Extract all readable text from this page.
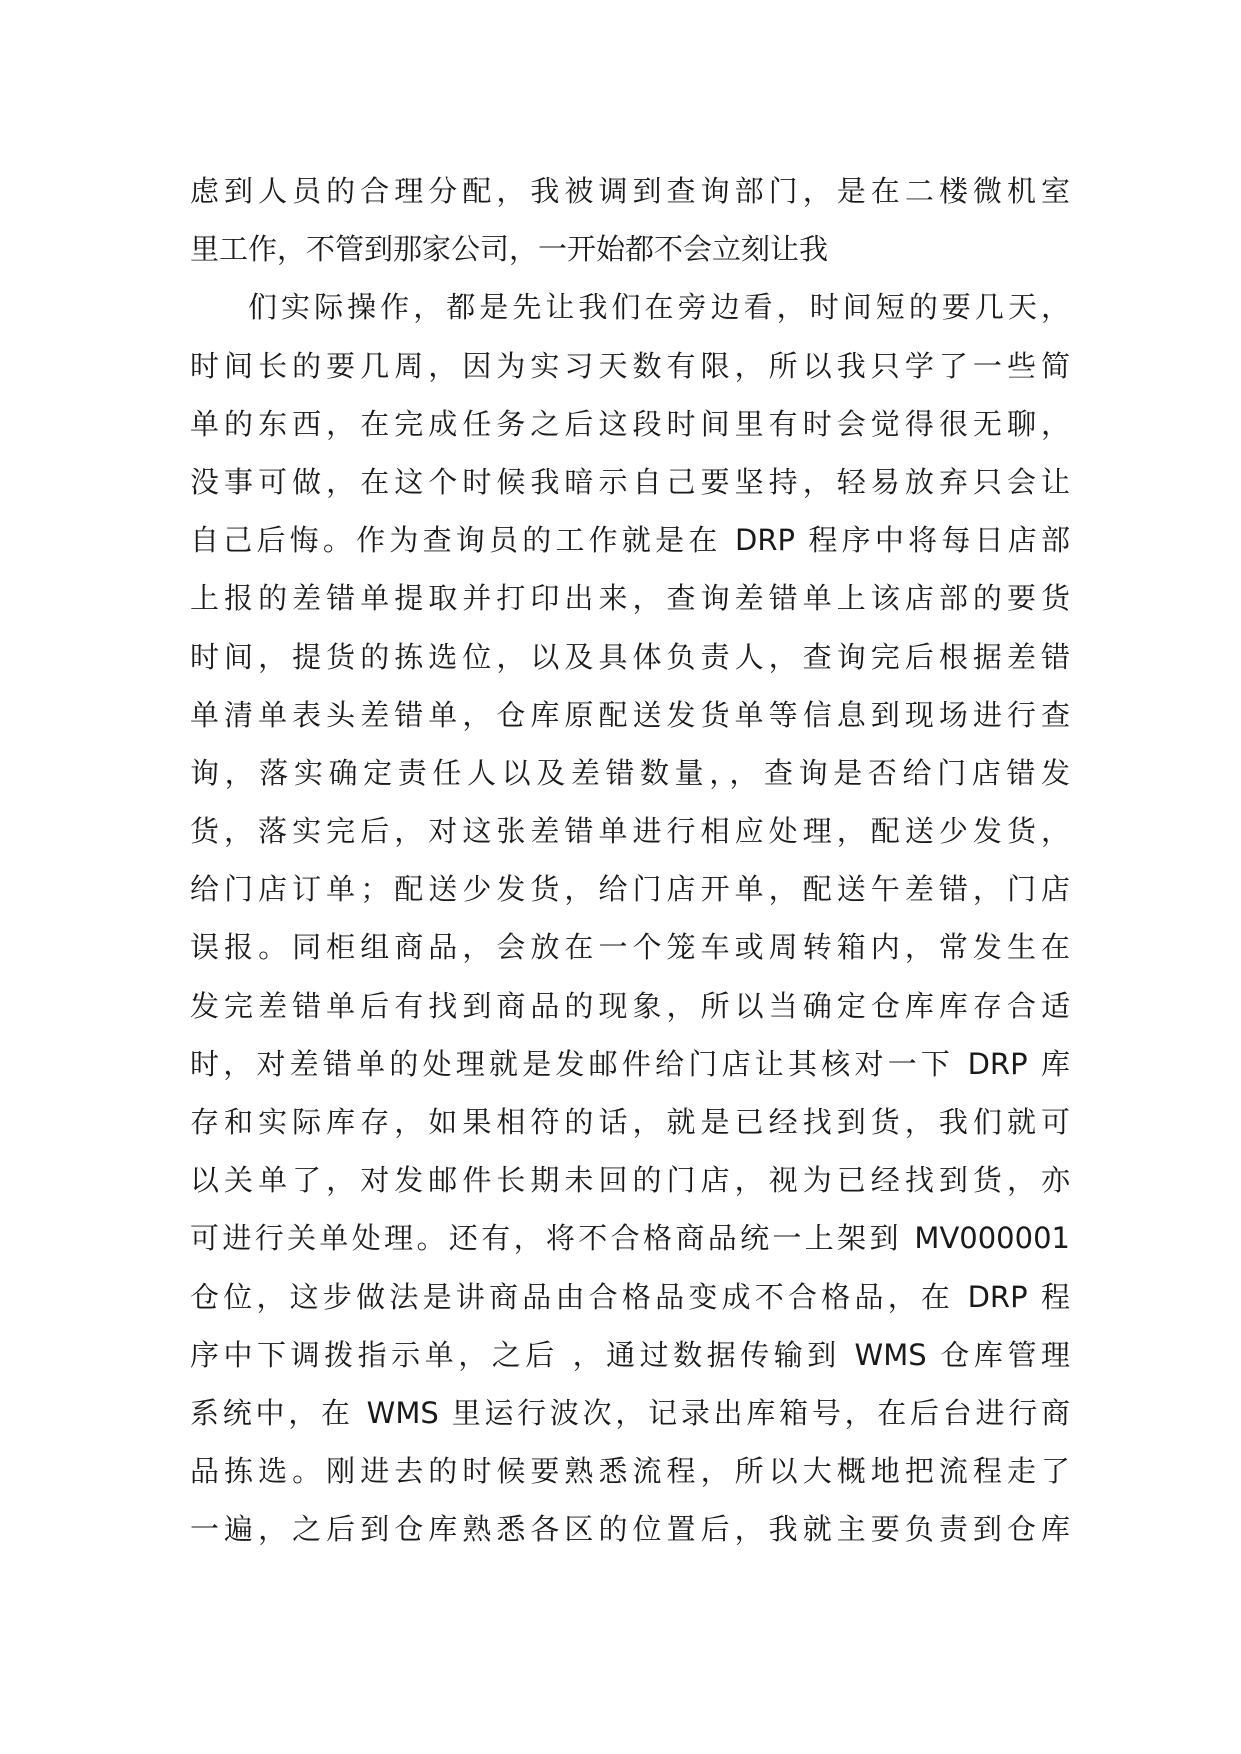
虑到人员的合理分配，我被调到查询部门，是在二楼微机室
里工作，不管到那家公司，一开始都不会立刻让我
们实际操作，都是先让我们在旁边看，时间短的要几天，
时间长的要几周，因为实习天数有限，所以我只学了一些简
单的东西，在完成任务之后这段时间里有时会觉得很无聊，
没事可做，在这个时候我暗示自己要坚持，轻易放弃只会让
自己后悔。作为查询员的工作就是在 DRP 程序中将每日店部
上报的差错单提取并打印出来，查询差错单上该店部的要货
时间，提货的拣选位，以及具体负责人，查询完后根据差错
单清单表头差错单，仓库原配送发货单等信息到现场进行查
询，落实确定责任人以及差错数量，，查询是否给门店错发
货，落实完后，对这张差错单进行相应处理，配送少发货，
给门店订单；配送少发货，给门店开单，配送午差错，门店
误报。同柜组商品，会放在一个笼车或周转箱内，常发生在
发完差错单后有找到商品的现象，所以当确定仓库库存合适
时，对差错单的处理就是发邮件给门店让其核对一下 DRP 库
存和实际库存，如果相符的话，就是已经找到货，我们就可
以关单了，对发邮件长期未回的门店，视为已经找到货，亦
可进行关单处理。还有，将不合格商品统一上架到 MV000001
仓位，这步做法是讲商品由合格品变成不合格品，在 DRP 程
序中下调拨指示单，之后 ，通过数据传输到 WMS 仓库管理
系统中，在 WMS 里运行波次，记录出库箱号，在后台进行商
品拣选。刚进去的时候要熟悉流程，所以大概地把流程走了
一遍，之后到仓库熟悉各区的位置后，我就主要负责到仓库
